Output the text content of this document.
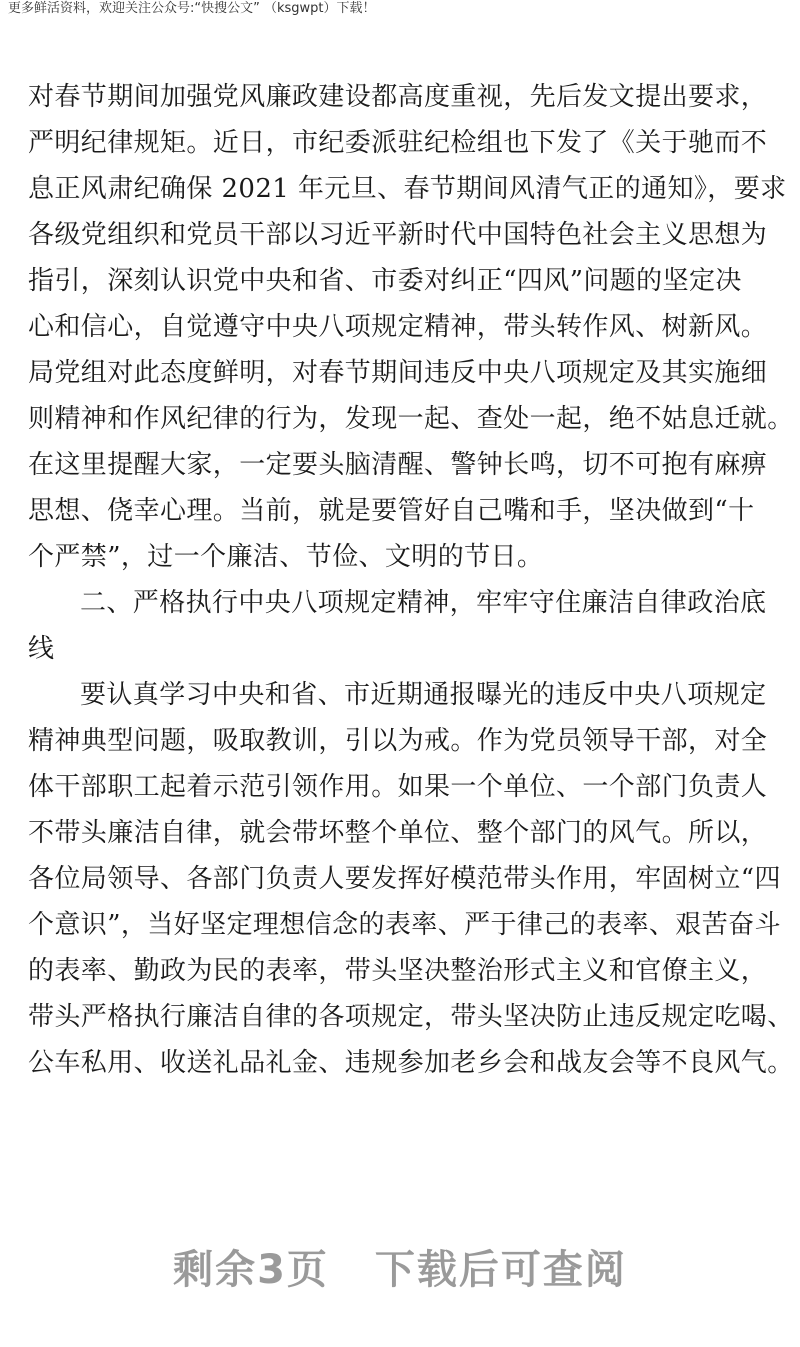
更多鲜活资料，欢迎关注公众号:“快搜公文” （ksgwpt）下载！
对春节期间加强党风廉政建设都高度重视，先后发文提出要求，
严明纪律规矩。近日，市纪委派驻纪检组也下发了《关于驰而不
息正风肃纪确保 2021 年元旦、春节期间风清气正的通知》，要求
各级党组织和党员干部以习近平新时代中国特色社会主义思想为
指引，深刻认识党中央和省、市委对纠正“四风”问题的坚定决
心和信心，自觉遵守中央八项规定精神，带头转作风、树新风。
局党组对此态度鲜明，对春节期间违反中央八项规定及其实施细
则精神和作风纪律的行为，发现一起、查处一起，绝不姑息迁就。
在这里提醒大家，一定要头脑清醒、警钟长鸣，切不可抱有麻痹
思想、侥幸心理。当前，就是要管好自己嘴和手，坚决做到“十
个严禁”，过一个廉洁、节俭、文明的节日。
二、严格执行中央八项规定精神，牢牢守住廉洁自律政治底
线
要认真学习中央和省、市近期通报曝光的违反中央八项规定
精神典型问题，吸取教训，引以为戒。作为党员领导干部，对全
体干部职工起着示范引领作用。如果一个单位、一个部门负责人
不带头廉洁自律，就会带坏整个单位、整个部门的风气。所以，
各位局领导、各部门负责人要发挥好模范带头作用，牢固树立“四
个意识”，当好坚定理想信念的表率、严于律己的表率、艰苦奋斗
的表率、勤政为民的表率，带头坚决整治形式主义和官僚主义，
带头严格执行廉洁自律的各项规定，带头坚决防止违反规定吃喝、
公车私用、收送礼品礼金、违规参加老乡会和战友会等不良风气。
剩余3页 下载后可查阅
